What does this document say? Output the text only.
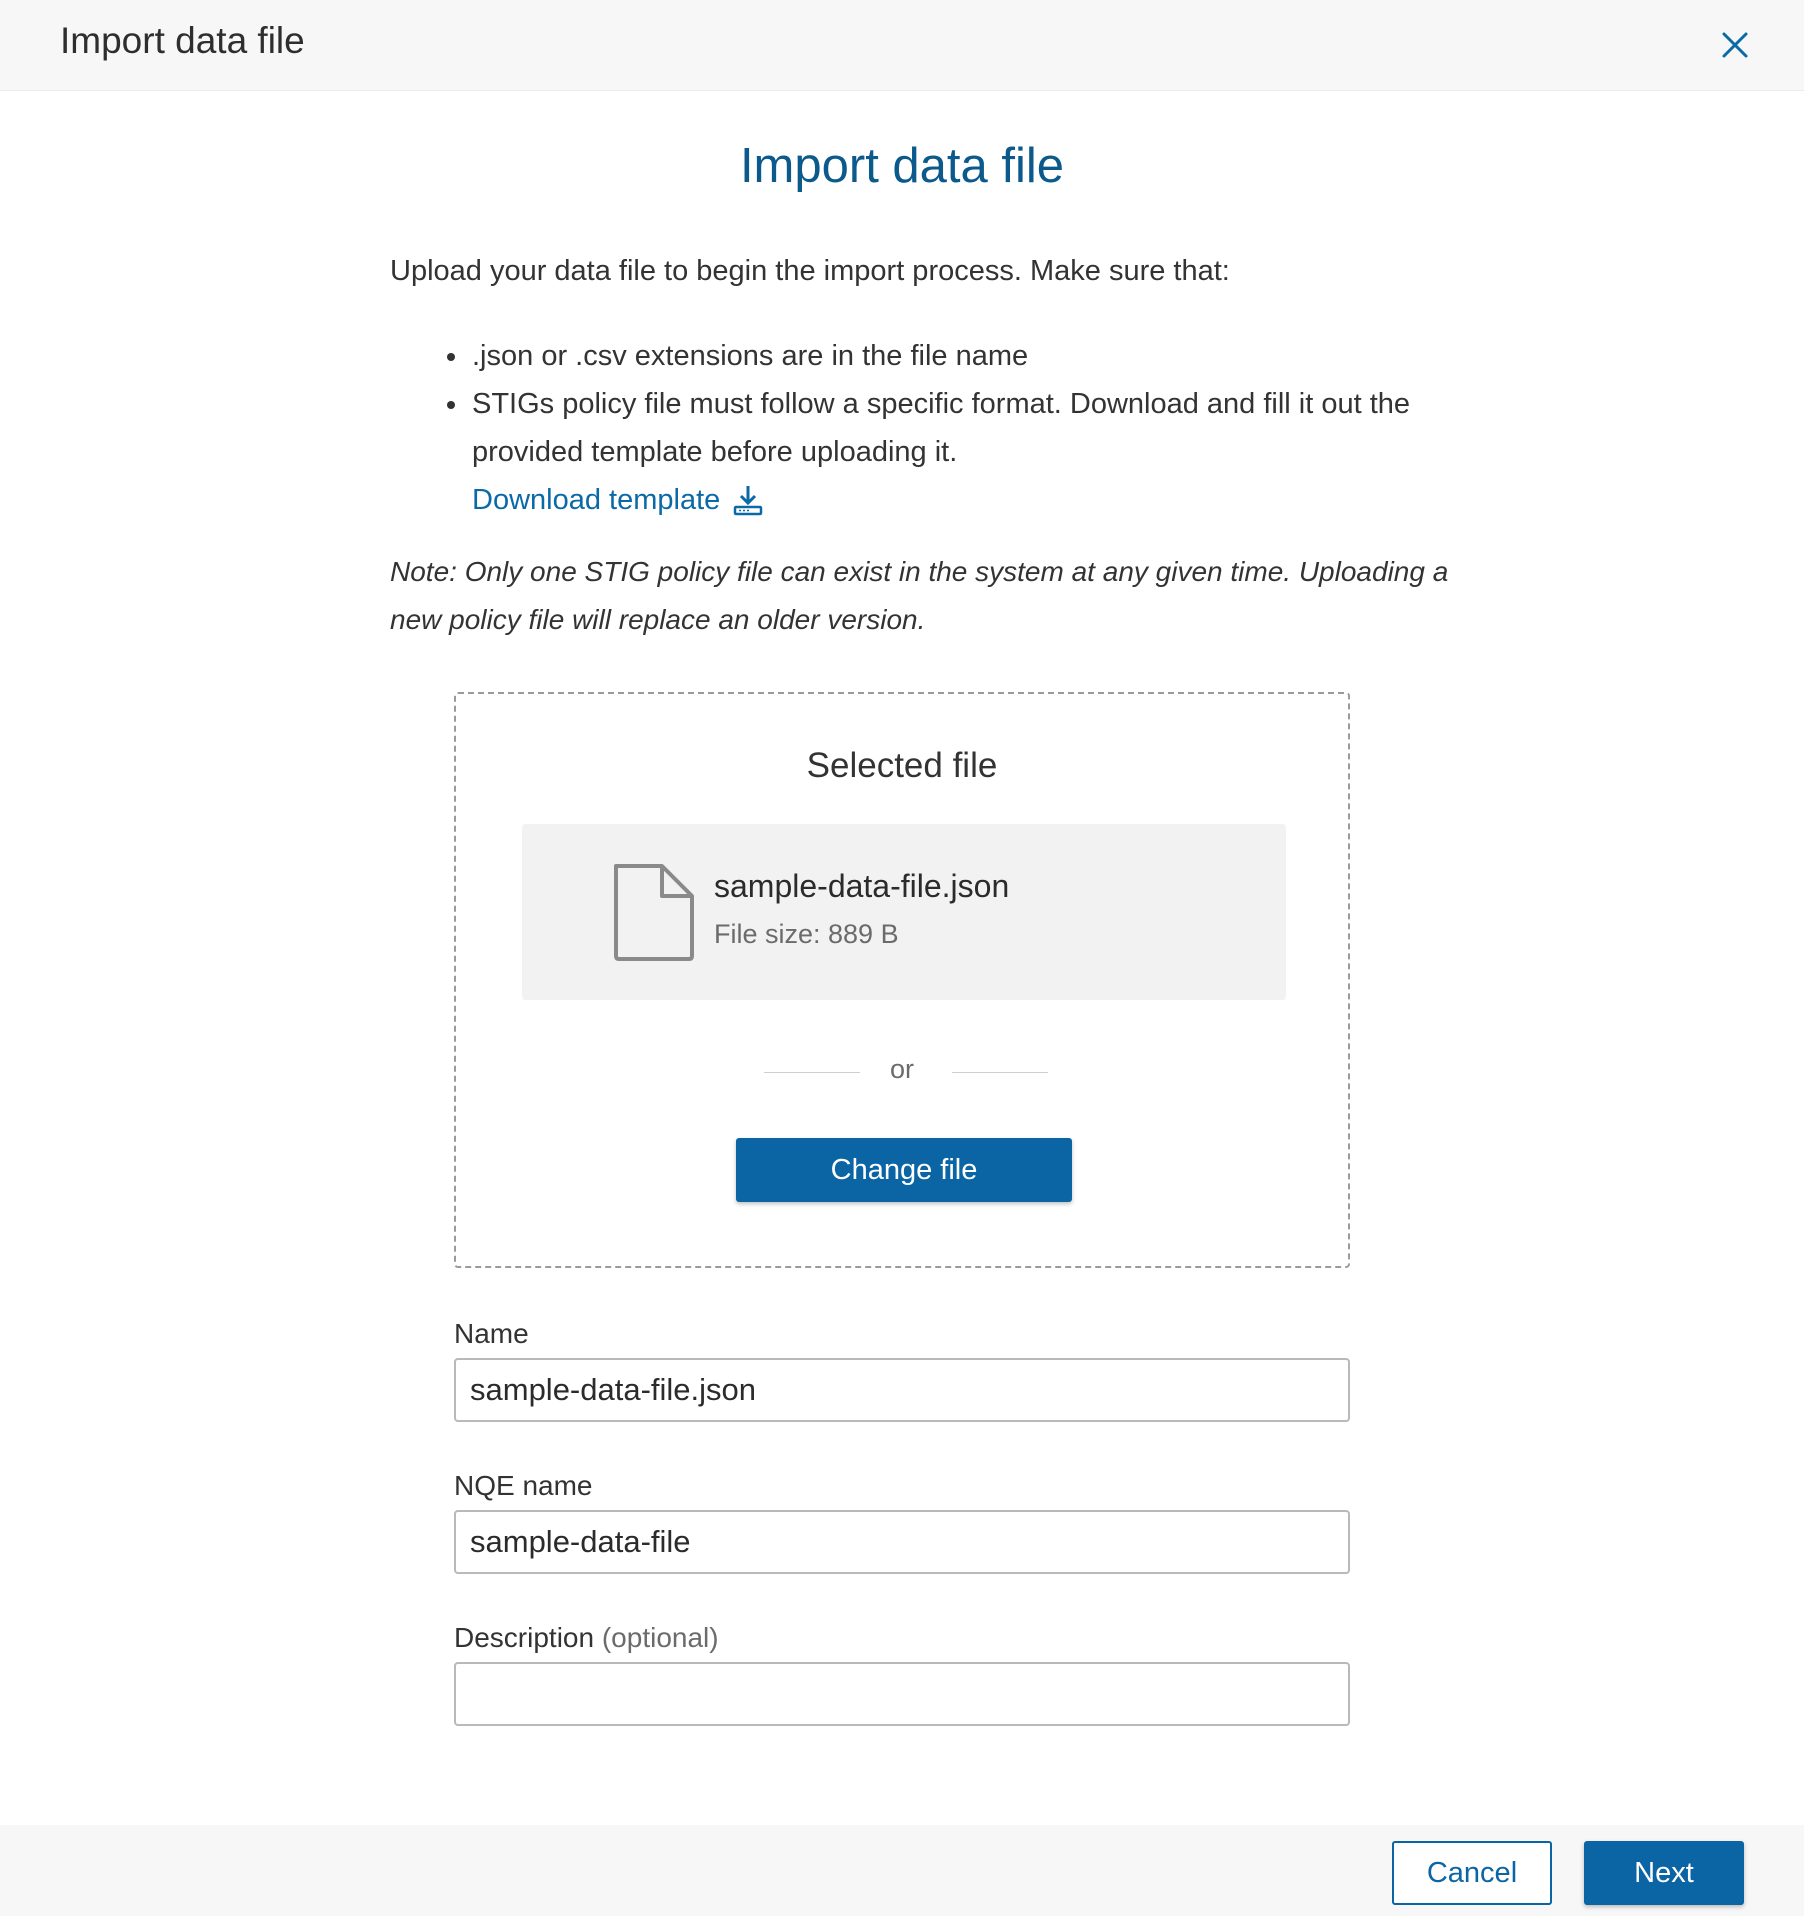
Import data file
Import data file
Upload your data file to begin the import process. Make sure that:
• .json or .csv extensions are in the file name
• STIGs policy file must follow a specific format. Download and fill it out the provided template before uploading it.

Download template
Note: Only one STIG policy file can exist in the system at any given time. Uploading a new policy file will replace an older version.
Selected file
sample-data-file.json
File size: 889 B
or
Change file
Name
sample-data-file.json
NQE name
sample-data-file
Description (optional)
Cancel	Next
